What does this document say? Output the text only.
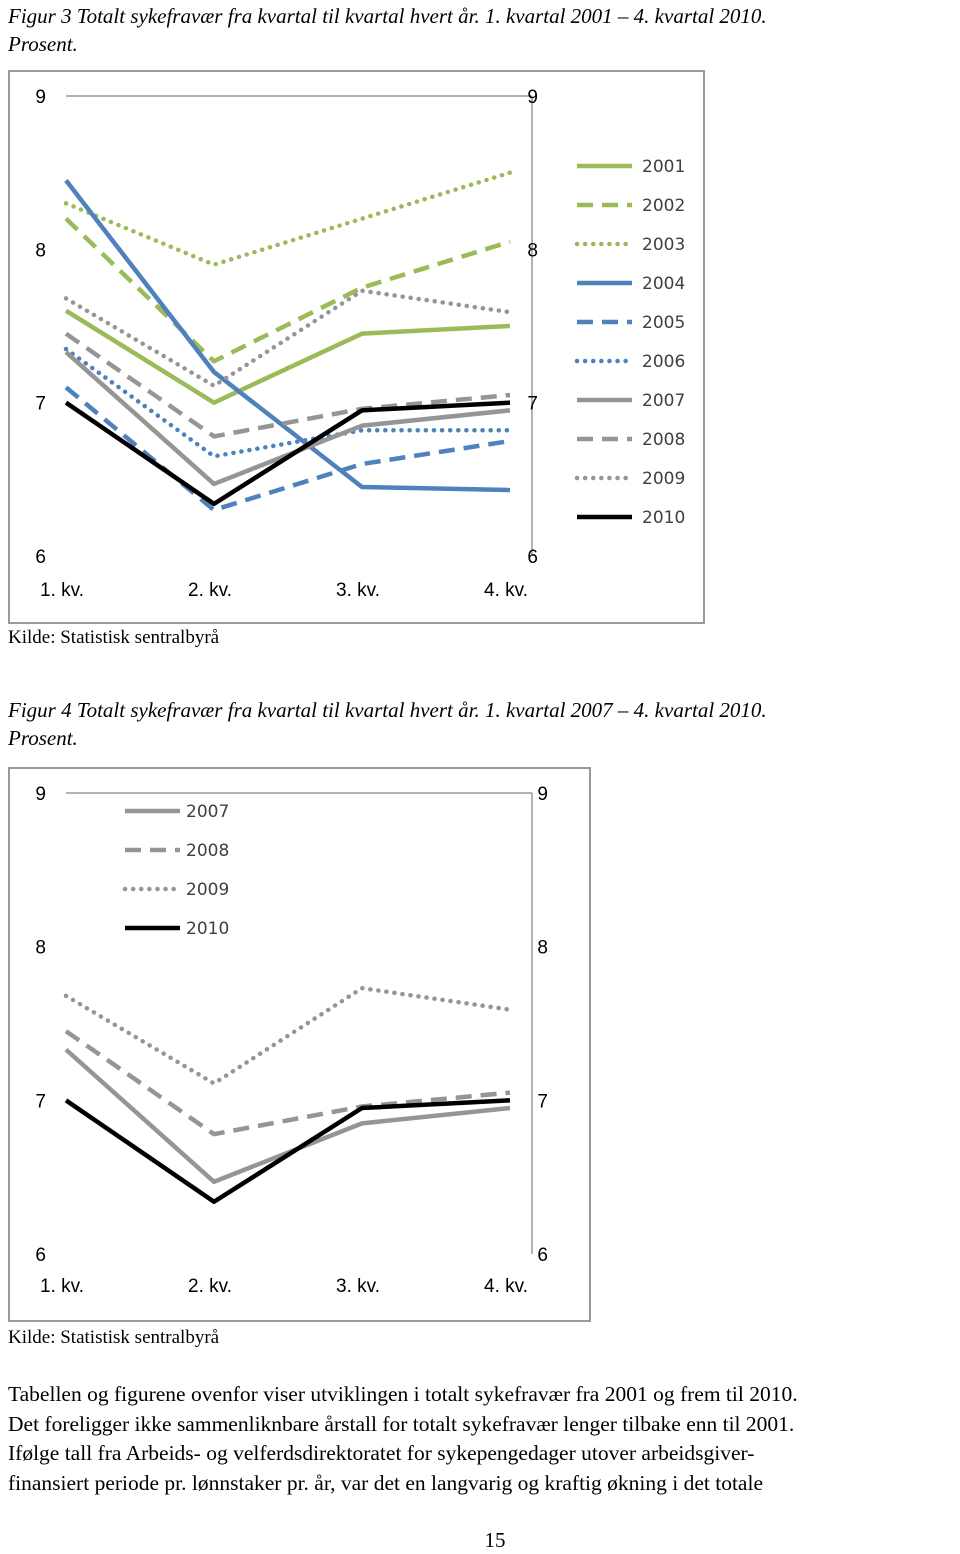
Figur 3 Totalt sykefravær fra kvartal til kvartal hvert år. 1. kvartal 2001 – 4. kvartal 2010.
Prosent.

6	6
7	7
8	8
9	9
1. kv.	2. kv.	3. kv.	4. kv.
2001
2002
2003
2004
2005
2006
2007
2008
2009
2010

Kilde: Statistisk sentralbyrå

Figur 4 Totalt sykefravær fra kvartal til kvartal hvert år. 1. kvartal 2007 – 4. kvartal 2010.
Prosent.

6	6
7	7
8	8
9	9
1. kv.	2. kv.	3. kv.	4. kv.
2007
2008
2009
2010

Kilde: Statistisk sentralbyrå

Tabellen og figurene ovenfor viser utviklingen i totalt sykefravær fra 2001 og frem til 2010.
Det foreligger ikke sammenliknbare årstall for totalt sykefravær lenger tilbake enn til 2001.
Ifølge tall fra Arbeids- og velferdsdirektoratet for sykepengedager utover arbeidsgiver-
finansiert periode pr. lønnstaker pr. år, var det en langvarig og kraftig økning i det totale

15
